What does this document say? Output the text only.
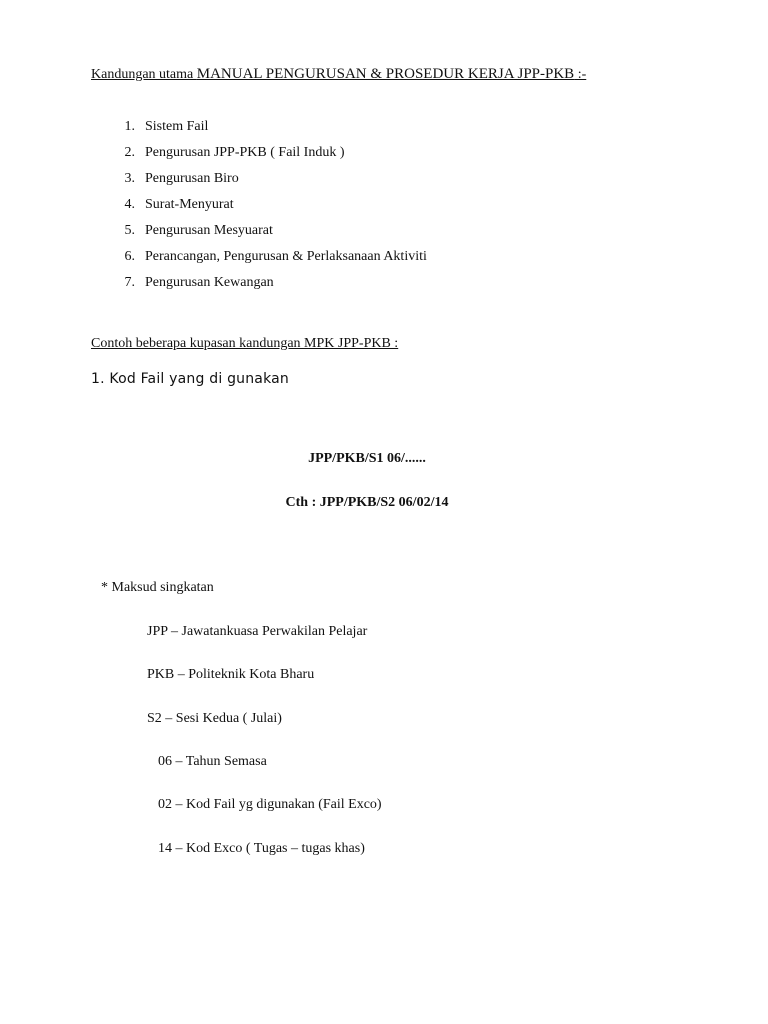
Kandungan utama MANUAL PENGURUSAN & PROSEDUR KERJA JPP-PKB :-
1. Sistem Fail
2. Pengurusan JPP-PKB ( Fail Induk )
3. Pengurusan Biro
4. Surat-Menyurat
5. Pengurusan Mesyuarat
6. Perancangan, Pengurusan & Perlaksanaan Aktiviti
7. Pengurusan Kewangan
Contoh beberapa kupasan kandungan MPK JPP-PKB :
1. Kod Fail yang di gunakan
JPP/PKB/S1 06/......
Cth : JPP/PKB/S2 06/02/14
* Maksud singkatan
JPP – Jawatankuasa Perwakilan Pelajar
PKB – Politeknik Kota Bharu
S2 – Sesi Kedua ( Julai)
06 – Tahun Semasa
02 – Kod Fail yg digunakan (Fail Exco)
14 – Kod Exco ( Tugas – tugas khas)
